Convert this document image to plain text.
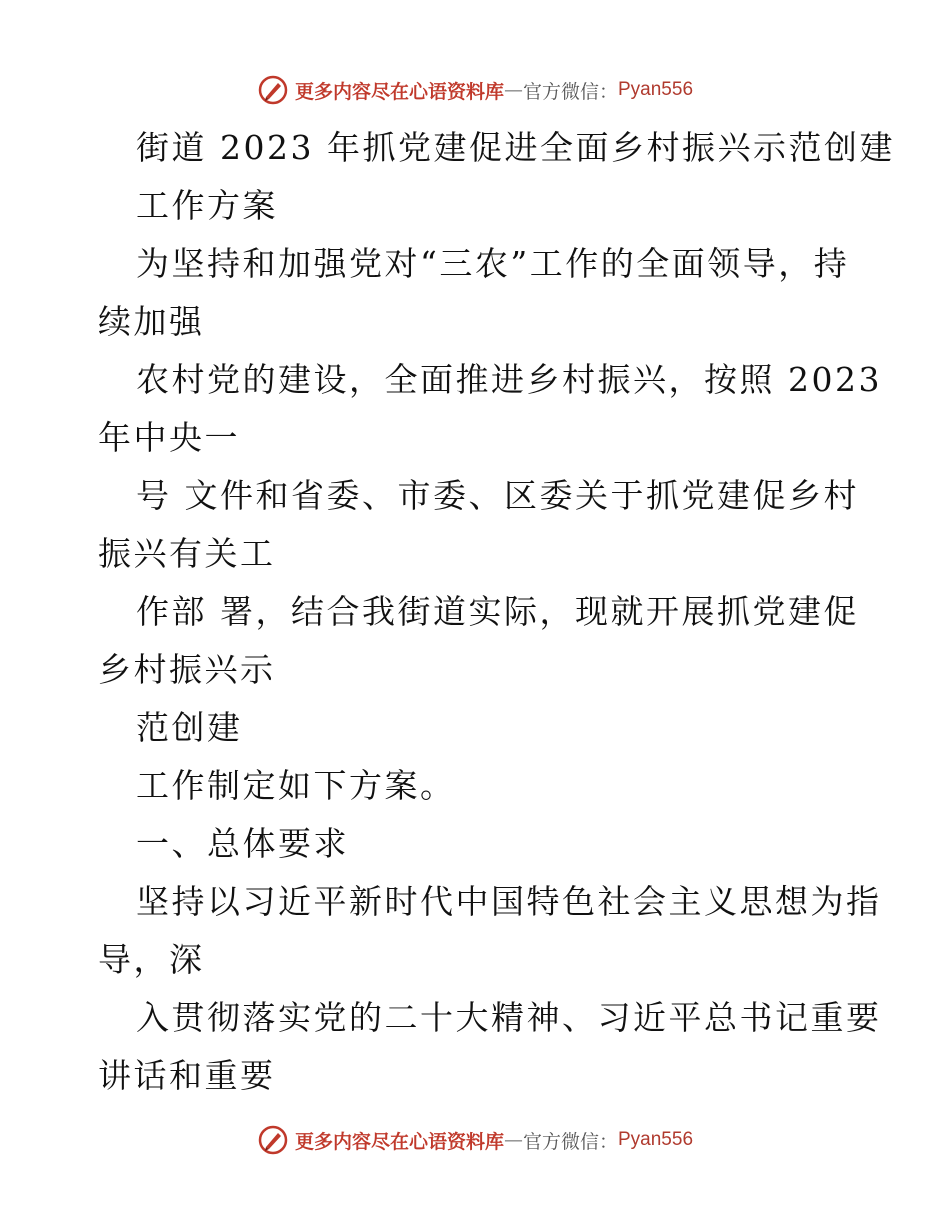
更多内容尽在心语资料库 — 官方微信： Pyan556
街道 2023 年抓党建促进全面乡村振兴示范创建
工作方案
为坚持和加强党对“三农”工作的全面领导，持
续加强
农村党的建设，全面推进乡村振兴，按照 2023
年中央一
号 文件和省委、市委、区委关于抓党建促乡村
振兴有关工
作部 署，结合我街道实际，现就开展抓党建促
乡村振兴示
范创建
工作制定如下方案。
一、总体要求
坚持以习近平新时代中国特色社会主义思想为指
导，深
入贯彻落实党的二十大精神、习近平总书记重要
讲话和重要
更多内容尽在心语资料库 — 官方微信： Pyan556
